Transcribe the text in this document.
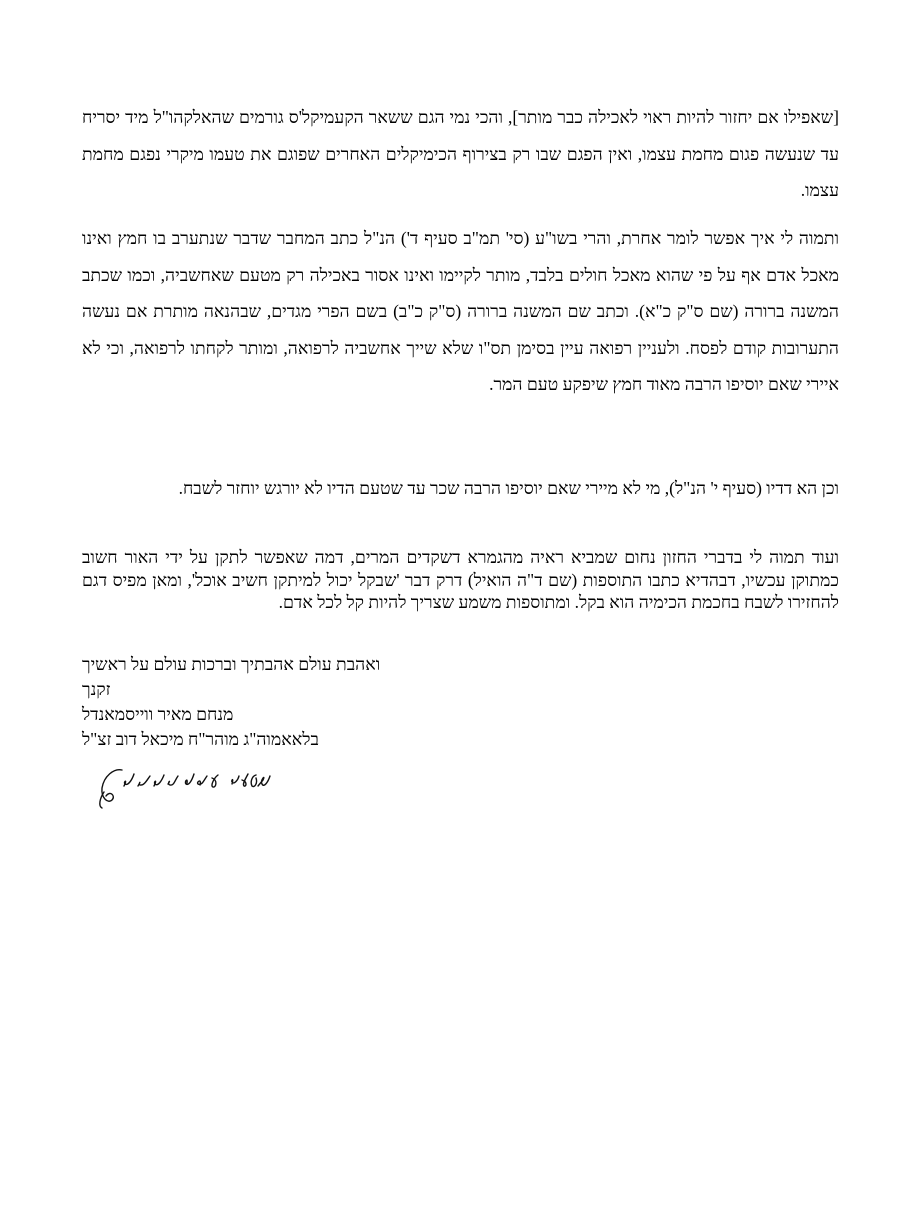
[שאפילו אם יחזור להיות ראוי לאכילה כבר מותר], והכי נמי הגם ששאר הקעמיקל'ס גורמים שהאלקהו"ל מיד יסריח עד שנעשה פגום מחמת עצמו, ואין הפגם שבו רק בצירוף הכימיקלים האחרים שפוגם את טעמו מיקרי נפגם מחמת עצמו.

ותמוה לי איך אפשר לומר אחרת, והרי בשו"ע (סי' תמ"ב סעיף ד') הנ"ל כתב המחבר שדבר שנתערב בו חמץ ואינו מאכל אדם אף על פי שהוא מאכל חולים בלבד, מותר לקיימו ואינו אסור באכילה רק מטעם שאחשביה, וכמו שכתב המשנה ברורה (שם ס"ק כ"א). וכתב שם המשנה ברורה (ס"ק כ"ב) בשם הפרי מגדים, שבהנאה מותרת אם נעשה התערובות קודם לפסח. ולעניין רפואה עיין בסימן תס"ו שלא שייך אחשביה לרפואה, ומותר לקחתו לרפואה, וכי לא איירי שאם יוסיפו הרבה מאוד חמץ שיפקע טעם המר.

וכן הא דדיו (סעיף י' הנ"ל), מי לא מיירי שאם יוסיפו הרבה שכר עד שטעם הדיו לא יורגש יוחזר לשבח.

ועוד תמוה לי בדברי החזון נחום שמביא ראיה מהגמרא דשקדים המרים, דמה שאפשר לתקן על ידי האור חשוב כמתוקן עכשיו, דבהדיא כתבו התוספות (שם ד"ה הואיל) דרק דבר 'שבקל יכול למיתקן חשיב אוכל', ומאן מפיס דגם להחזירו לשבח בחכמת הכימיה הוא בקל. ומתוספות משמע שצריך להיות קל לכל אדם.

ואהבת עולם אהבתיך וברכות עולם על ראשיך
זקנך
מנחם מאיר ווייסמאנדל
בלאאמוה"ג מוהר"ח מיכאל דוב זצ"ל
